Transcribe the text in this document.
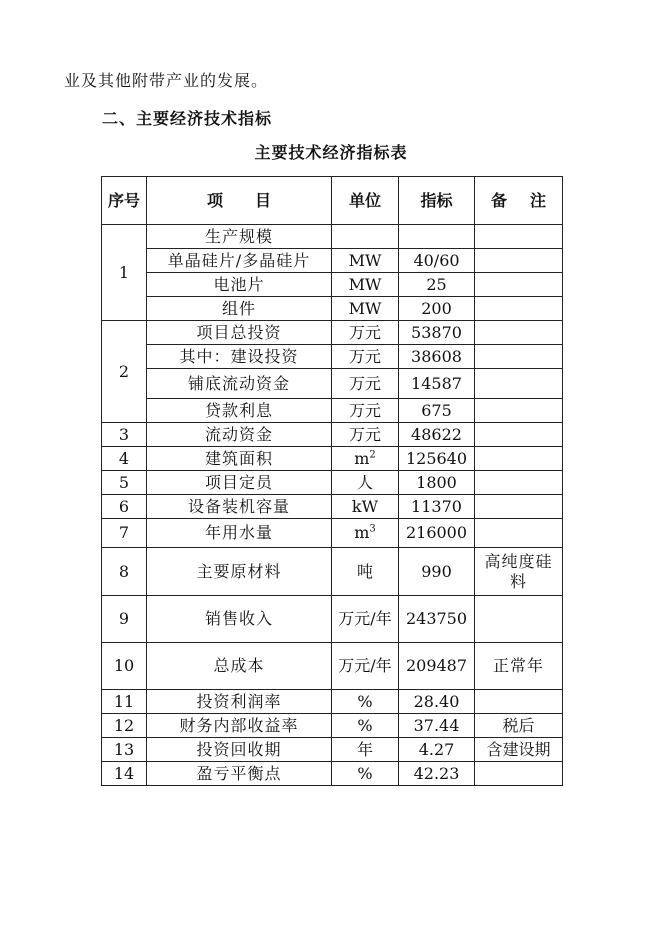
业及其他附带产业的发展。
二、主要经济技术指标
主要技术经济指标表
序号	项　　目	单位	指标	备 注

1	生产规模			
	单晶硅片/多晶硅片	MW	40/60	
	电池片	MW	25	
	组件	MW	200	
2	项目总投资	万元	53870	
	其中：建设投资	万元	38608	
	铺底流动资金	万元	14587	
	贷款利息	万元	675	
3	流动资金	万元	48622	
4	建筑面积	$m^2$	125640	
5	项目定员	人	1800	
6	设备装机容量	kW	11370	
7	年用水量	$m^3$	216000	
8	主要原材料	吨	990	高纯度硅料
9	销售收入	万元/年	243750	
10	总成本	万元/年	209487	正常年
11	投资利润率	%	28.40	
12	财务内部收益率	%	37.44	税后
13	投资回收期	年	4.27	含建设期
14	盈亏平衡点	%	42.23	
